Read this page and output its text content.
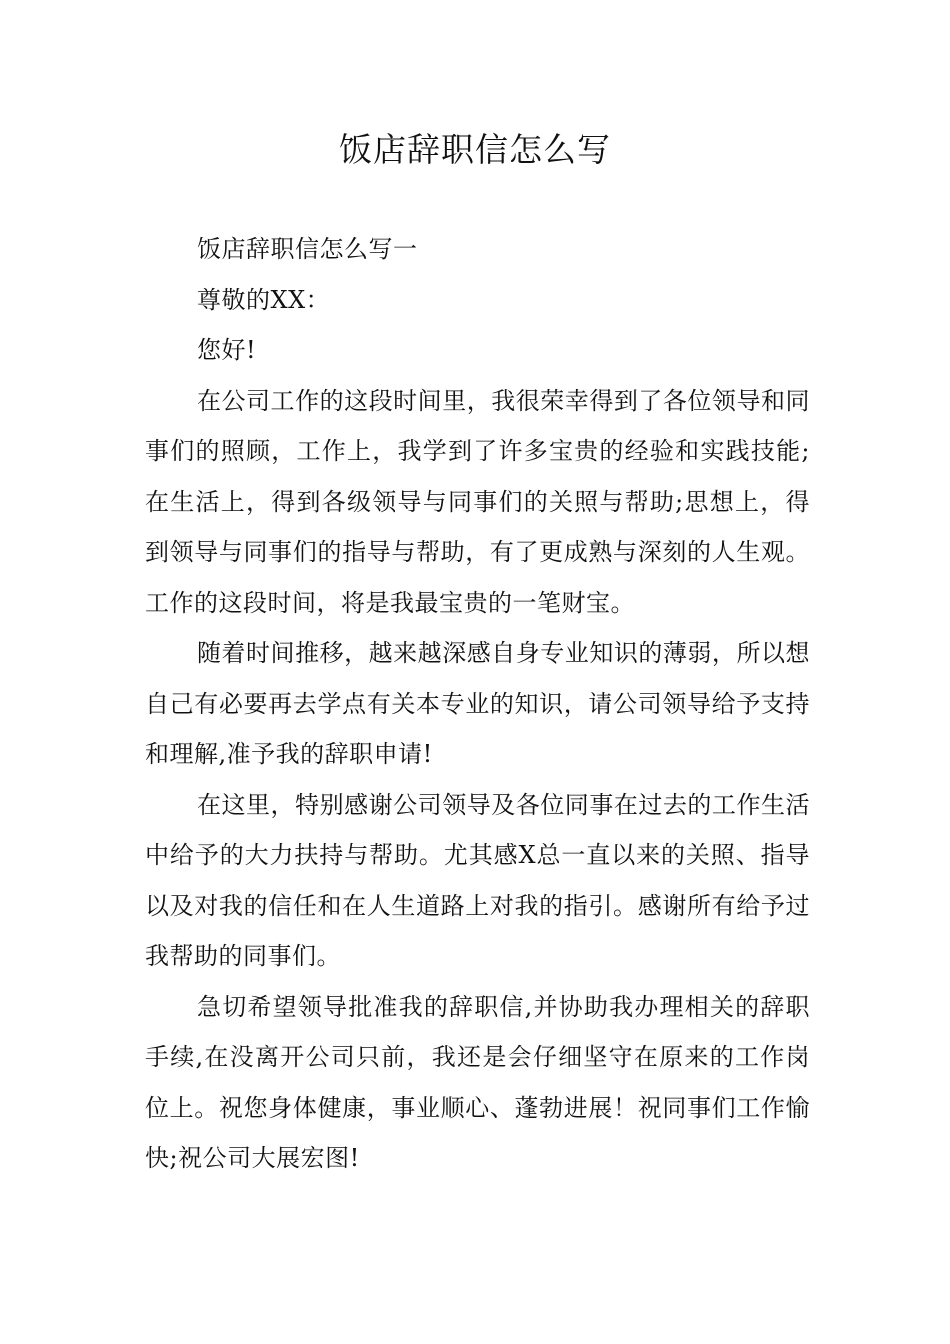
饭店辞职信怎么写

饭店辞职信怎么写一

尊敬的XX：

您好!

在公司工作的这段时间里，我很荣幸得到了各位领导和同事们的照顾，工作上，我学到了许多宝贵的经验和实践技能;在生活上，得到各级领导与同事们的关照与帮助;思想上，得到领导与同事们的指导与帮助，有了更成熟与深刻的人生观。工作的这段时间，将是我最宝贵的一笔财宝。

随着时间推移，越来越深感自身专业知识的薄弱，所以想自己有必要再去学点有关本专业的知识，请公司领导给予支持和理解,准予我的辞职申请!

在这里，特别感谢公司领导及各位同事在过去的工作生活中给予的大力扶持与帮助。尤其感X总一直以来的关照、指导以及对我的信任和在人生道路上对我的指引。感谢所有给予过我帮助的同事们。

急切希望领导批准我的辞职信,并协助我办理相关的辞职手续,在没离开公司只前，我还是会仔细坚守在原来的工作岗位上。祝您身体健康，事业顺心、蓬勃进展！祝同事们工作愉快;祝公司大展宏图!
